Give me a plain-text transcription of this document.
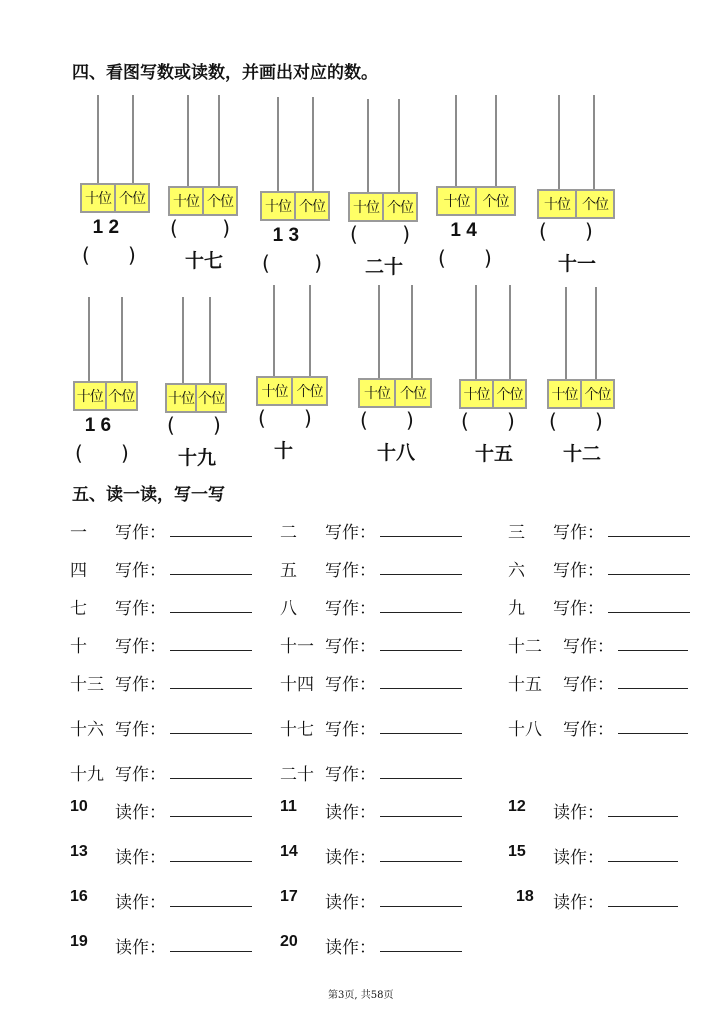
四、看图写数或读数，并画出对应的数。
十位 个位
1 2
(      )
十位 个位
(       )
十七
十位 个位
1 3
(       )
十位 个位
(       )
二十
十位 个位
1 4
(      )
十位 个位
(      )
十一
十位 个位
1 6
(      )
十位 个位
(      )
十九
十位 个位
(      )
十
十位 个位
(      )
十八
十位 个位
(      )
十五
十位 个位
(      )
十二
五、读一读，写一写
一 写作：	二 写作：	三 写作：
四 写作：	五 写作：	六 写作：
七 写作：	八 写作：	九 写作：
十 写作：	十一 写作：	十二 写作：
十三 写作：	十四 写作：	十五 写作：
十六 写作：	十七 写作：	十八 写作：
十九 写作：	二十 写作：
10 读作：	11 读作：	12 读作：
13 读作：	14 读作：	15 读作：
16 读作：	17 读作：	18 读作：
19 读作：	20 读作：
第3页, 共58页
